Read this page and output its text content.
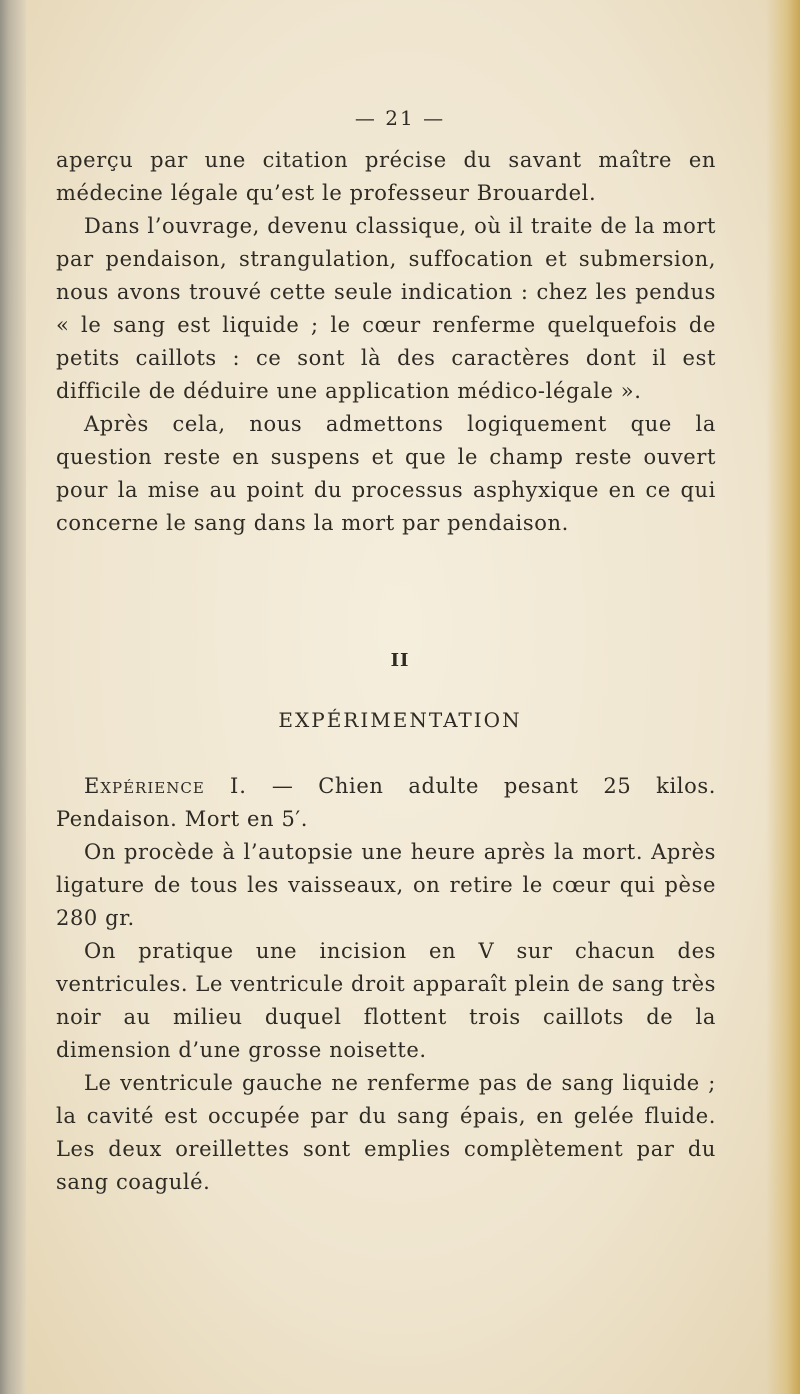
— 21 —

aperçu par une citation précise du savant maître en médecine légale qu’est le professeur Brouardel.

Dans l’ouvrage, devenu classique, où il traite de la mort par pendaison, strangulation, suffocation et submersion, nous avons trouvé cette seule indication : chez les pendus « le sang est liquide ; le cœur renferme quelquefois de petits caillots : ce sont là des caractères dont il est difficile de déduire une application médico-légale ».

Après cela, nous admettons logiquement que la question reste en suspens et que le champ reste ouvert pour la mise au point du processus asphyxique en ce qui concerne le sang dans la mort par pendaison.

II
EXPÉRIMENTATION

Expérience I. — Chien adulte pesant 25 kilos. Pendaison. Mort en 5′.

On procède à l’autopsie une heure après la mort. Après ligature de tous les vaisseaux, on retire le cœur qui pèse 280 gr.

On pratique une incision en V sur chacun des ventricules. Le ventricule droit apparaît plein de sang très noir au milieu duquel flottent trois caillots de la dimension d’une grosse noisette.

Le ventricule gauche ne renferme pas de sang liquide ; la cavité est occupée par du sang épais, en gelée fluide. Les deux oreillettes sont emplies complètement par du sang coagulé.
